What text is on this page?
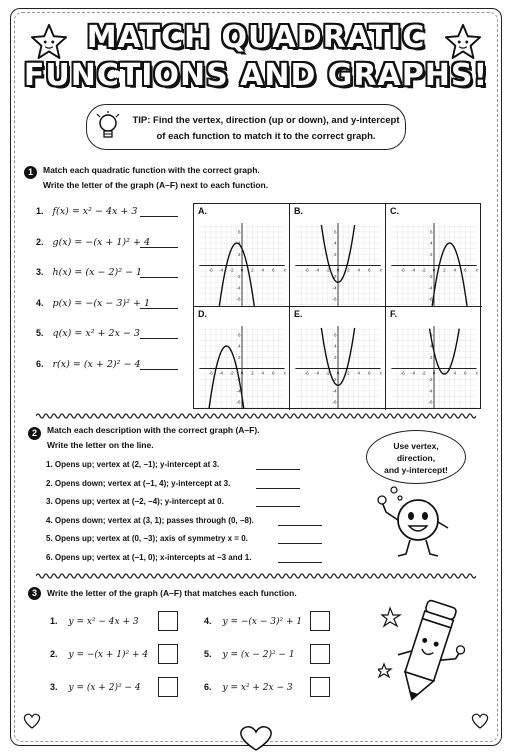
MATCH QUADRATIC
FUNCTIONS AND GRAPHS!
TIP: Find the vertex, direction (up or down), and y-intercept
of each function to match it to the correct graph.
1	Match each quadratic function with the correct graph.
Write the letter of the graph (A–F) next to each function.
1. f(x) = x² − 4x + 3
2. g(x) = −(x + 1)² + 4
3. h(x) = (x − 2)² − 1
4. p(x) = −(x − 3)² + 1
5. q(x) = x² + 2x − 3
6. r(x) = (x + 2)² − 4
A.
-6 -4 -2 0 2 4 6 x
6
4
2
-2
-4
-6
B.
-6 -4 -2 0 2 4 6 x
6
4
2
-2
-4
-6
C.
-6 -4 -2 0 2 4 6 x
6
4
2
-2
-4
-6
D.
-6 -4 -2 0 2 4 6 x
6
4
2
-2
-4
-6
E.
-6 -4 -2 0 2 4 6 x
6
4
2
-2
-4
-6
F.
-6 -4 -2 0 2 4 6 x
6
4
2
-2
-4
-6
2	Match each description with the correct graph (A–F).
Write the letter on the line.
1. Opens up; vertex at (2, −1); y-intercept at 3.
2. Opens down; vertex at (−1, 4); y-intercept at 3.
3. Opens up; vertex at (−2, −4); y-intercept at 0.
4. Opens down; vertex at (3, 1); passes through (0, −8).
5. Opens up; vertex at (0, −3); axis of symmetry x = 0.
6. Opens up; vertex at (−1, 0); x-intercepts at −3 and 1.
Use vertex,
direction,
and y-intercept!
3	Write the letter of the graph (A–F) that matches each function.
1. y = x² − 4x + 3
2. y = −(x + 1)² + 4
3. y = (x + 2)² − 4
4. y = −(x − 3)² + 1
5. y = (x − 2)² − 1
6. y = x² + 2x − 3
